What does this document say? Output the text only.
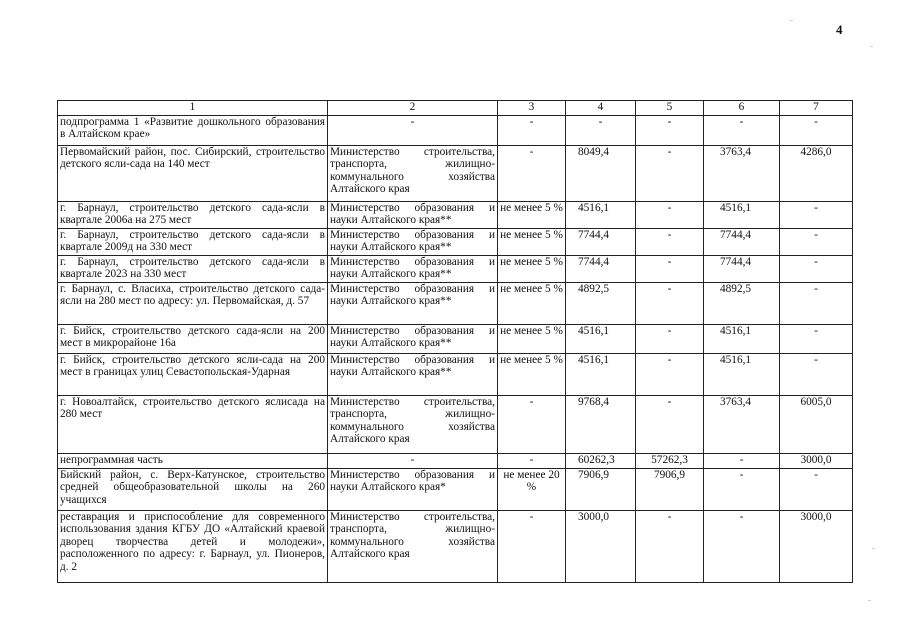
4
1	2	3	4	5	6	7
подпрограмма 1 «Развитие дошкольного образования в Алтайском крае»	-	-	-	-	-	-
Первомайский район, пос. Сибирский, строительство детского ясли-сада на 140 мест	Министерство строительства, транспорта, жилищно-коммунального хозяйства Алтайского края	-	8049,4	-	3763,4	4286,0
г. Барнаул, строительство детского сада-ясли в квартале 2006а на 275 мест	Министерство образования и науки Алтайского края**	не менее 5 %	4516,1	-	4516,1	-
г. Барнаул, строительство детского сада-ясли в квартале 2009д на 330 мест	Министерство образования и науки Алтайского края**	не менее 5 %	7744,4	-	7744,4	-
г. Барнаул, строительство детского сада-ясли в квартале 2023 на 330 мест	Министерство образования и науки Алтайского края**	не менее 5 %	7744,4	-	7744,4	-
г. Барнаул, с. Власиха, строительство детского сада-ясли на 280 мест по адресу: ул. Первомайская, д. 57	Министерство образования и науки Алтайского края**	не менее 5 %	4892,5	-	4892,5	-
г. Бийск, строительство детского сада-ясли на 200 мест в микрорайоне 16а	Министерство образования и науки Алтайского края**	не менее 5 %	4516,1	-	4516,1	-
г. Бийск, строительство детского ясли-сада на 200 мест в границах улиц Севастопольская-Ударная	Министерство образования и науки Алтайского края**	не менее 5 %	4516,1	-	4516,1	-
г. Новоалтайск, строительство детского яслисада на 280 мест	Министерство строительства, транспорта, жилищно-коммунального хозяйства Алтайского края	-	9768,4	-	3763,4	6005,0
непрограммная часть	-	-	60262,3	57262,3	-	3000,0
Бийский район, с. Верх-Катунское, строительство средней общеобразовательной школы на 260 учащихся	Министерство образования и науки Алтайского края*	не менее 20 %	7906,9	7906,9	-	-
реставрация и приспособление для современного использования здания КГБУ ДО «Алтайский краевой дворец творчества детей и молодежи», расположенного по адресу: г. Барнаул, ул. Пионеров, д. 2	Министерство строительства, транспорта, жилищно-коммунального хозяйства Алтайского края	-	3000,0	-	-	3000,0
